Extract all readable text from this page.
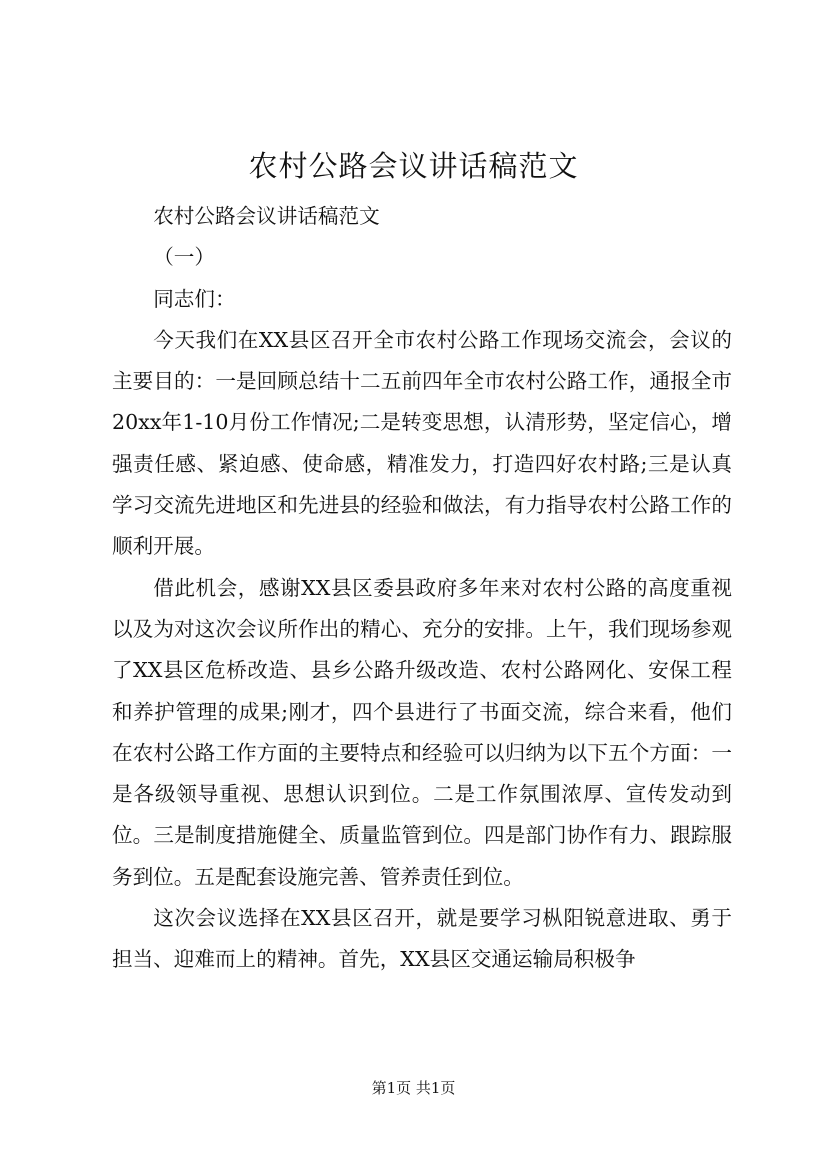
农村公路会议讲话稿范文

农村公路会议讲话稿范文

（一）

同志们：

今天我们在XX县区召开全市农村公路工作现场交流会，会议的主要目的：一是回顾总结十二五前四年全市农村公路工作，通报全市20xx年1-10月份工作情况;二是转变思想，认清形势，坚定信心，增强责任感、紧迫感、使命感，精准发力，打造四好农村路;三是认真学习交流先进地区和先进县的经验和做法，有力指导农村公路工作的顺利开展。

借此机会，感谢XX县区委县政府多年来对农村公路的高度重视以及为对这次会议所作出的精心、充分的安排。上午，我们现场参观了XX县区危桥改造、县乡公路升级改造、农村公路网化、安保工程和养护管理的成果;刚才，四个县进行了书面交流，综合来看，他们在农村公路工作方面的主要特点和经验可以归纳为以下五个方面：一是各级领导重视、思想认识到位。二是工作氛围浓厚、宣传发动到位。三是制度措施健全、质量监管到位。四是部门协作有力、跟踪服务到位。五是配套设施完善、管养责任到位。

这次会议选择在XX县区召开，就是要学习枞阳锐意进取、勇于担当、迎难而上的精神。首先，XX县区交通运输局积极争

第1页 共1页
